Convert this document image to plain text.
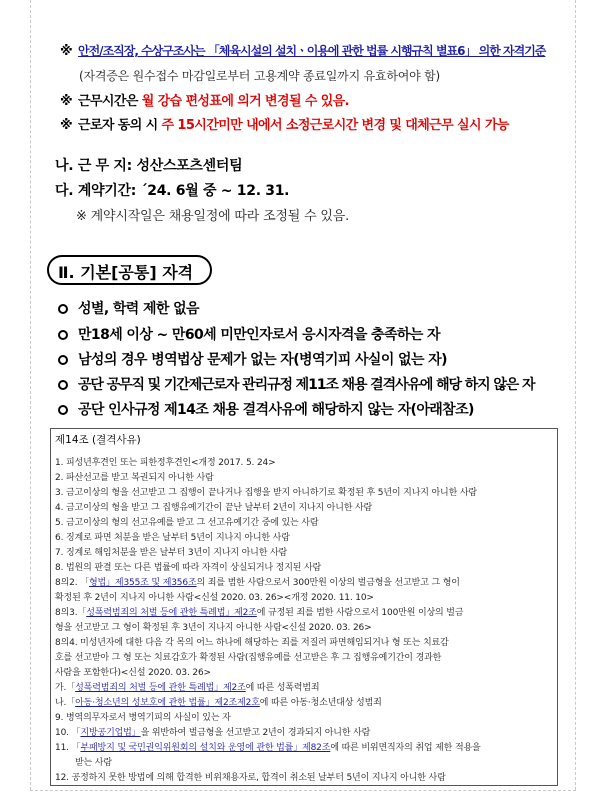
※ 안전/조직장, 수상구조사는 「체육시설의 설치ㆍ이용에 관한 법률 시행규칙 별표6」 의한 자격기준
(자격증은 원수접수 마감일로부터 고용계약 종료일까지 유효하여야 함)
※ 근무시간은 월 강습 편성표에 의거 변경될 수 있음.
※ 근로자 동의 시 주 15시간미만 내에서 소정근로시간 변경 및 대체근무 실시 가능
나. 근 무 지: 성산스포츠센터팀
다. 계약기간: ´24. 6월 중 ~ 12. 31.
※ 계약시작일은 채용일정에 따라 조정될 수 있음.
Ⅱ. 기본[공통] 자격
성별, 학력 제한 없음
만18세 이상 ~ 만60세 미만인자로서 응시자격을 충족하는 자
남성의 경우 병역법상 문제가 없는 자(병역기피 사실이 없는 자)
공단 공무직 및 기간제근로자 관리규정 제11조 채용 결격사유에 해당 하지 않은 자
공단 인사규정 제14조 채용 결격사유에 해당하지 않는 자(아래참조)
제14조 (결격사유)
1. 피성년후견인 또는 피한정후견인<개정 2017. 5. 24>
2. 파산선고를 받고 복권되지 아니한 사람
3. 금고이상의 형을 선고받고 그 집행이 끝나거나 집행을 받지 아니하기로 확정된 후 5년이 지나지 아니한 사람
4. 금고이상의 형을 받고 그 집행유예기간이 끝난 날부터 2년이 지나지 아니한 사람
5. 금고이상의 형의 선고유예를 받고 그 선고유예기간 중에 있는 사람
6. 징계로 파면 처분을 받은 날부터 5년이 지나지 아니한 사람
7. 징계로 해임처분을 받은 날부터 3년이 지나지 아니한 사람
8. 법원의 판결 또는 다른 법률에 따라 자격이 상실되거나 정지된 사람
8의2. 「형법」제355조 및 제356조의 죄를 범한 사람으로서 300만원 이상의 벌금형을 선고받고 그 형이
확정된 후 2년이 지나지 아니한 사람<신설 2020. 03. 26><개정 2020. 11. 10>
8의3.「성폭력범죄의 처벌 등에 관한 특례법」제2조에 규정된 죄를 범한 사람으로서 100만원 이상의 벌금
형을 선고받고 그 형이 확정된 후 3년이 지나지 아니한 사람<신설 2020. 03. 26>
8의4. 미성년자에 대한 다음 각 목의 어느 하나에 해당하는 죄를 저질러 파면해임되거나 형 또는 치료감
호를 선고받아 그 형 또는 치료감호가 확정된 사람(집행유예를 선고받은 후 그 집행유예기간이 경과한
사람을 포함한다)<신설 2020. 03. 26>
가.「성폭력범죄의 처벌 등에 관한 특례법」제2조에 따른 성폭력범죄
나.「아동·청소년의 성보호에 관한 법률」제2조제2호에 따른 아동·청소년대상 성범죄
9. 병역의무자로서 병역기피의 사실이 있는 자
10. 「지방공기업법」을 위반하여 벌금형을 선고받고 2년이 경과되지 아니한 사람
11. 「부패방지 및 국민권익위원회의 설치와 운영에 관한 법률」제82조에 따른 비위면직자의 취업 제한 적용을
받는 사람
12. 공정하지 못한 방법에 의해 합격한 비위채용자로, 합격이 취소된 날부터 5년이 지나지 아니한 사람
